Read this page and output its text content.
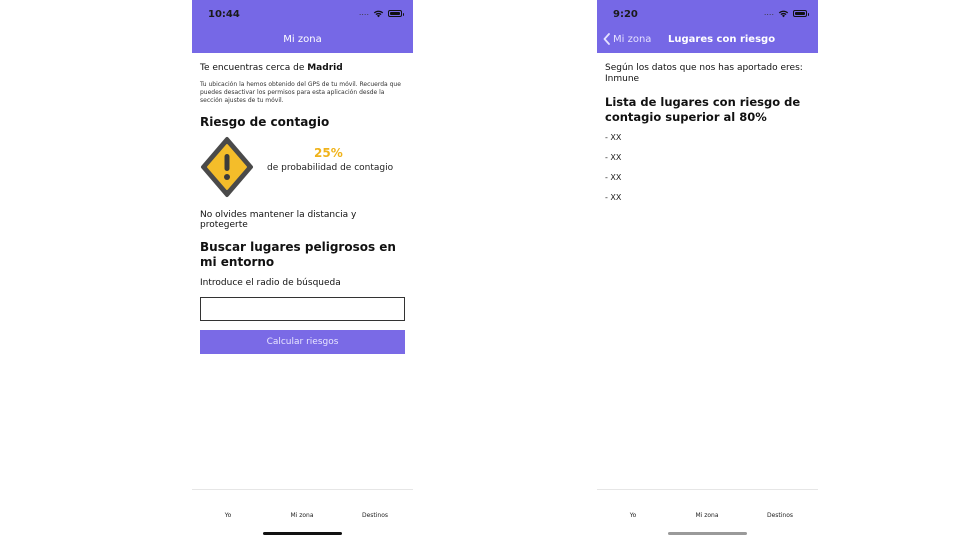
10:44	....
Mi zona
Te encuentras cerca de Madrid
Tu ubicación la hemos obtenido del GPS de tu móvil. Recuerda que puedes desactivar los permisos para esta aplicación desde la sección ajustes de tu móvil.
Riesgo de contagio
25%
de probabilidad de contagio
No olvides mantener la distancia y protegerte
Buscar lugares peligrosos en mi entorno
Introduce el radio de búsqueda
Calcular riesgos
Yo	Mi zona	Destinos
9:20	....
Mi zona Lugares con riesgo
Según los datos que nos has aportado eres: Inmune
Lista de lugares con riesgo de contagio superior al 80%
- XX
- XX
- XX
- XX
Yo	Mi zona	Destinos
